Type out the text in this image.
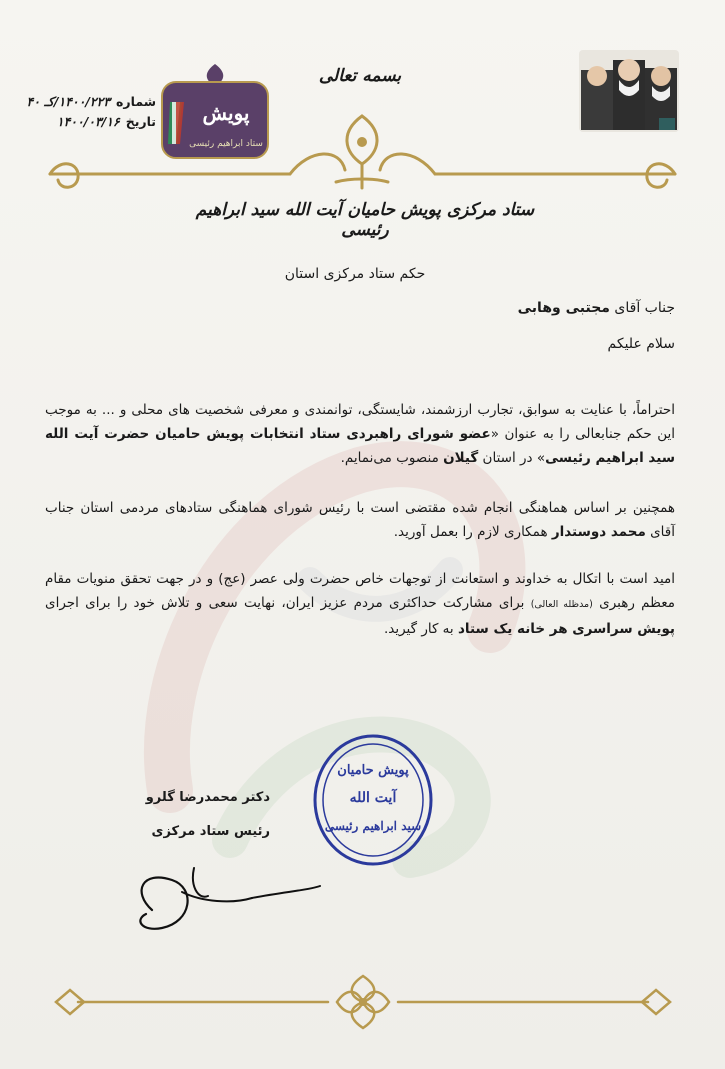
بسمه تعالی
پویش
ستاد ابراهیم رئیسی
شماره
۱۴۰۰/۲۲۳/کـ ۴۰
تاریخ
۱۴۰۰/۰۳/۱۶
ستاد مرکزی پویش حامیان آیت الله سید ابراهیم رئیسی
حکم ستاد مرکزی استان
جناب آقای مجتبی وهابی
سلام علیکم
احتراماً، با عنایت به سوابق، تجارب ارزشمند، شایستگی، توانمندی و معرفی شخصیت های محلی و ... به موجب این حکم جنابعالی را به عنوان «عضو شورای راهبردی ستاد انتخابات پویش حامیان حضرت آیت الله سید ابراهیم رئیسی» در استان گیلان منصوب می‌نمایم.
همچنین بر اساس هماهنگی انجام شده مقتضی است با رئیس شورای هماهنگی ستادهای مردمی استان جناب آقای محمد دوستدار همکاری لازم را بعمل آورید.
امید است با اتکال به خداوند و استعانت از توجهات خاص حضرت ولی عصر (عج) و در جهت تحقق منویات مقام معظم رهبری (مدظله العالی) برای مشارکت حداکثری مردم عزیز ایران، نهایت سعی و تلاش خود را برای اجرای پویش سراسری هر خانه یک ستاد به کار گیرید.
پویش حامیان
آیت الله
سید ابراهیم رئیسی
دکتر محمدرضا گلرو
رئیس ستاد مرکزی
